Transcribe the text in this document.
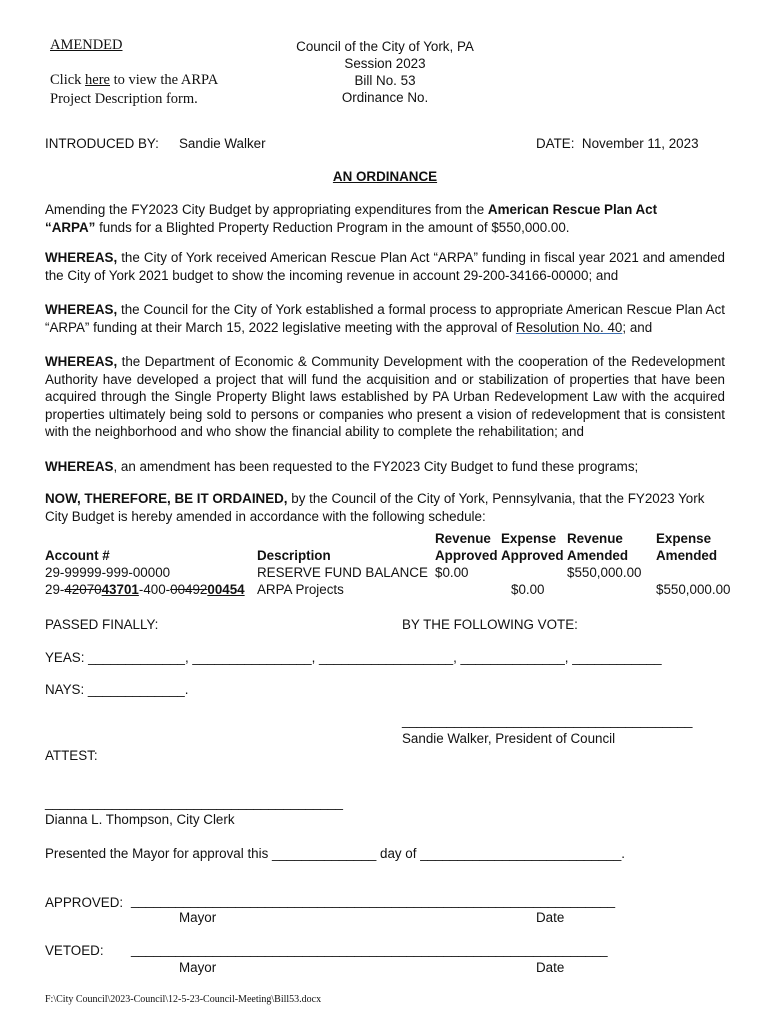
AMENDED
Click here to view the ARPA
Project Description form.
Council of the City of York, PA
Session 2023
Bill No. 53
Ordinance No.
INTRODUCED BY: Sandie Walker	DATE: November 11, 2023
AN ORDINANCE
Amending the FY2023 City Budget by appropriating expenditures from the American Rescue Plan Act
“ARPA” funds for a Blighted Property Reduction Program in the amount of $550,000.00.
WHEREAS, the City of York received American Rescue Plan Act “ARPA” funding in fiscal year 2021 and amended the City of York 2021 budget to show the incoming revenue in account 29-200-34166-00000; and
WHEREAS, the Council for the City of York established a formal process to appropriate American Rescue Plan Act “ARPA” funding at their March 15, 2022 legislative meeting with the approval of Resolution No. 40; and
WHEREAS, the Department of Economic & Community Development with the cooperation of the Redevelopment Authority have developed a project that will fund the acquisition and or stabilization of properties that have been acquired through the Single Property Blight laws established by PA Urban Redevelopment Law with the acquired properties ultimately being sold to persons or companies who present a vision of redevelopment that is consistent with the neighborhood and who show the financial ability to complete the rehabilitation; and
WHEREAS, an amendment has been requested to the FY2023 City Budget to fund these programs;
NOW, THEREFORE, BE IT ORDAINED, by the Council of the City of York, Pennsylvania, that the FY2023 York City Budget is hereby amended in accordance with the following schedule:
		Revenue	Expense	Revenue	Expense
Account #	Description	Approved	Approved	Amended	Amended
29-99999-999-00000	RESERVE FUND BALANCE	$0.00		$550,000.00	
29-4207043701-400-0049200454	ARPA Projects		$0.00		$550,000.00
PASSED FINALLY:	BY THE FOLLOWING VOTE:
YEAS: _____________, ________________, __________________, ______________, ____________
NAYS: _____________.
_______________________________________
Sandie Walker, President of Council
ATTEST:
________________________________________
Dianna L. Thompson, City Clerk
Presented the Mayor for approval this ______________ day of ___________________________.
APPROVED: _________________________________________________________________
Mayor	Date
VETOED: ________________________________________________________________
Mayor	Date
F:\City Council\2023-Council\12-5-23-Council-Meeting\Bill53.docx
